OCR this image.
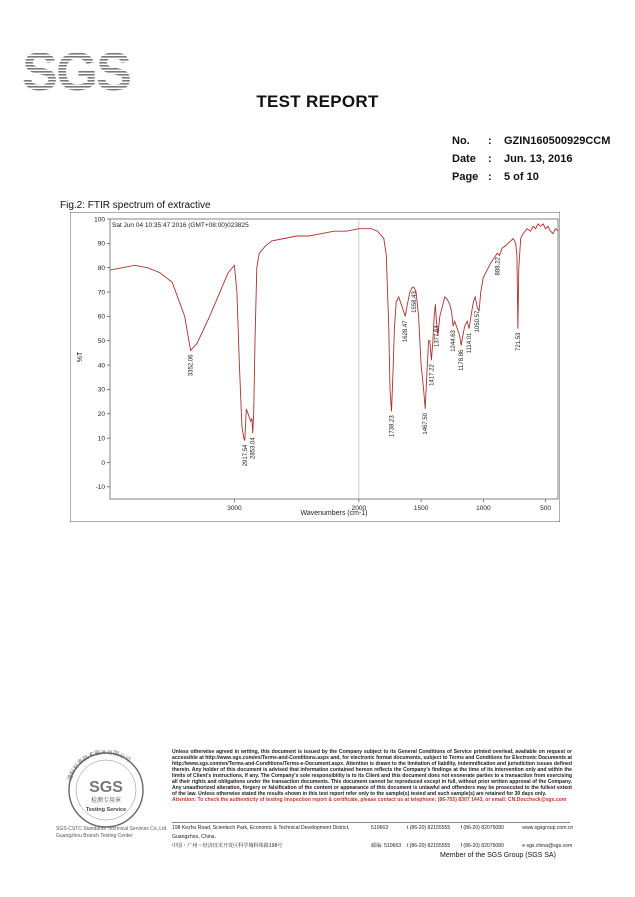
SGS	TEST REPORT
No.	:	GZIN160500929CCM
Date	:	Jun. 13, 2016
Page :	5 of 10
Fig.2: FTIR spectrum of extractive
Sat Jun 04 10:35:47 2016 (GMT+08:00)023825
Wavenumbers (cm-1)
%T
100
90
80
70
60
50
40
30
20
10
0
-10
3000	2000	1500	1000	500
3352.06
2917.54 2853.04
1738.23
1628.47
1558.43
1467.50
1417.22
1377.64 1244.63
1178.86
1114.01
1050.57
888.22
721.53
通标标准技术服务有限公司
SGS
检测专用章
Testing Service
SGS-CSTC Standards Technical Services Co.,Ltd
Guangzhou Branch Testing Center
Unless otherwise agreed in writing, this document is issued by the Company subject to its General Conditions of Service printed overleaf, available on request or accessible at http://www.sgs.com/en/Terms-and-Conditions.aspx and, for electronic format documents, subject to Terms and Conditions for Electronic Documents at http://www.sgs.com/en/Terms-and-Conditions/Terms-e-Document.aspx. Attention is drawn to the limitation of liability, indemnification and jurisdiction issues defined therein. Any holder of this document is advised that information contained hereon reflects the Company's findings at the time of its intervention only and within the limits of Client's instructions, if any. The Company's sole responsibility is to its Client and this document does not exonerate parties to a transaction from exercising all their rights and obligations under the transaction documents. This document cannot be reproduced except in full, without prior written approval of the Company. Any unauthorized alteration, forgery or falsification of the content or appearance of this document is unlawful and offenders may be prosecuted to the fullest extent of the law. Unless otherwise stated the results shown in this test report refer only to the sample(s) tested and such sample(s) are retained for 30 days only.
Attention: To check the authenticity of testing /inspection report & certificate, please contact us at telephone: (86-755) 8307 1443, or email: CN.Doccheck@sgs.com
198 Kezhu Road, Scientech Park, Economic & Technical Development District, Guangzhou, China.
510663	t (86-20) 82155555	f (86-20) 82075080	www.sgsgroup.com.cn
中国・广州・经济技术开发区科学城科珠路198号	邮编: 510663	t (86-20) 82155555	f (86-20) 82075080	e sgs.china@sgs.com
Member of the SGS Group (SGS SA)
